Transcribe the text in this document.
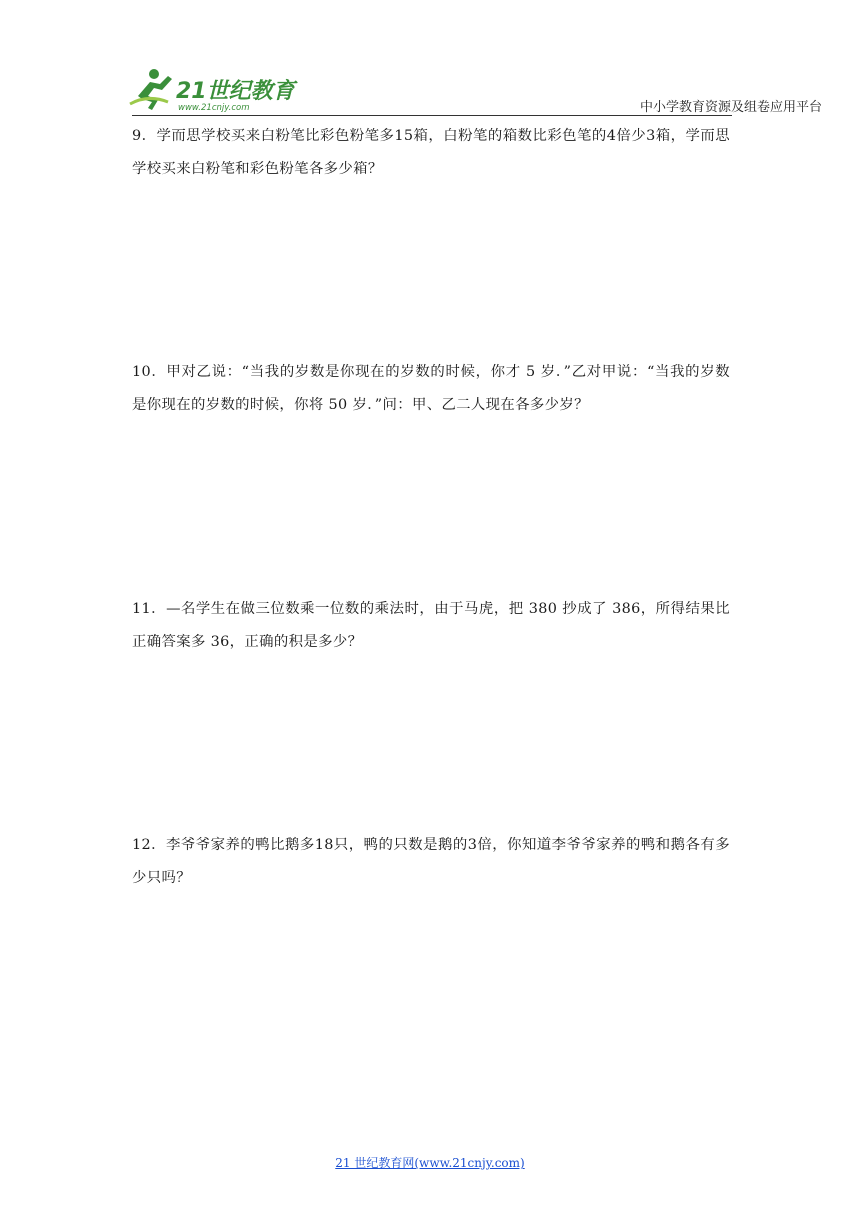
21世纪教育
www.21cnjy.com	中小学教育资源及组卷应用平台
9．学而思学校买来白粉笔比彩色粉笔多15箱，白粉笔的箱数比彩色笔的4倍少3箱，学而思学校买来白粉笔和彩色粉笔各多少箱？
10．甲对乙说：“当我的岁数是你现在的岁数的时候，你才 5 岁．”乙对甲说：“当我的岁数是你现在的岁数的时候，你将 50 岁．”问：甲、乙二人现在各多少岁？
11．—名学生在做三位数乘一位数的乘法时，由于马虎，把 380 抄成了 386，所得结果比正确答案多 36，正确的积是多少？
12．李爷爷家养的鸭比鹅多18只，鸭的只数是鹅的3倍，你知道李爷爷家养的鸭和鹅各有多少只吗？
21 世纪教育网(www.21cnjy.com)
